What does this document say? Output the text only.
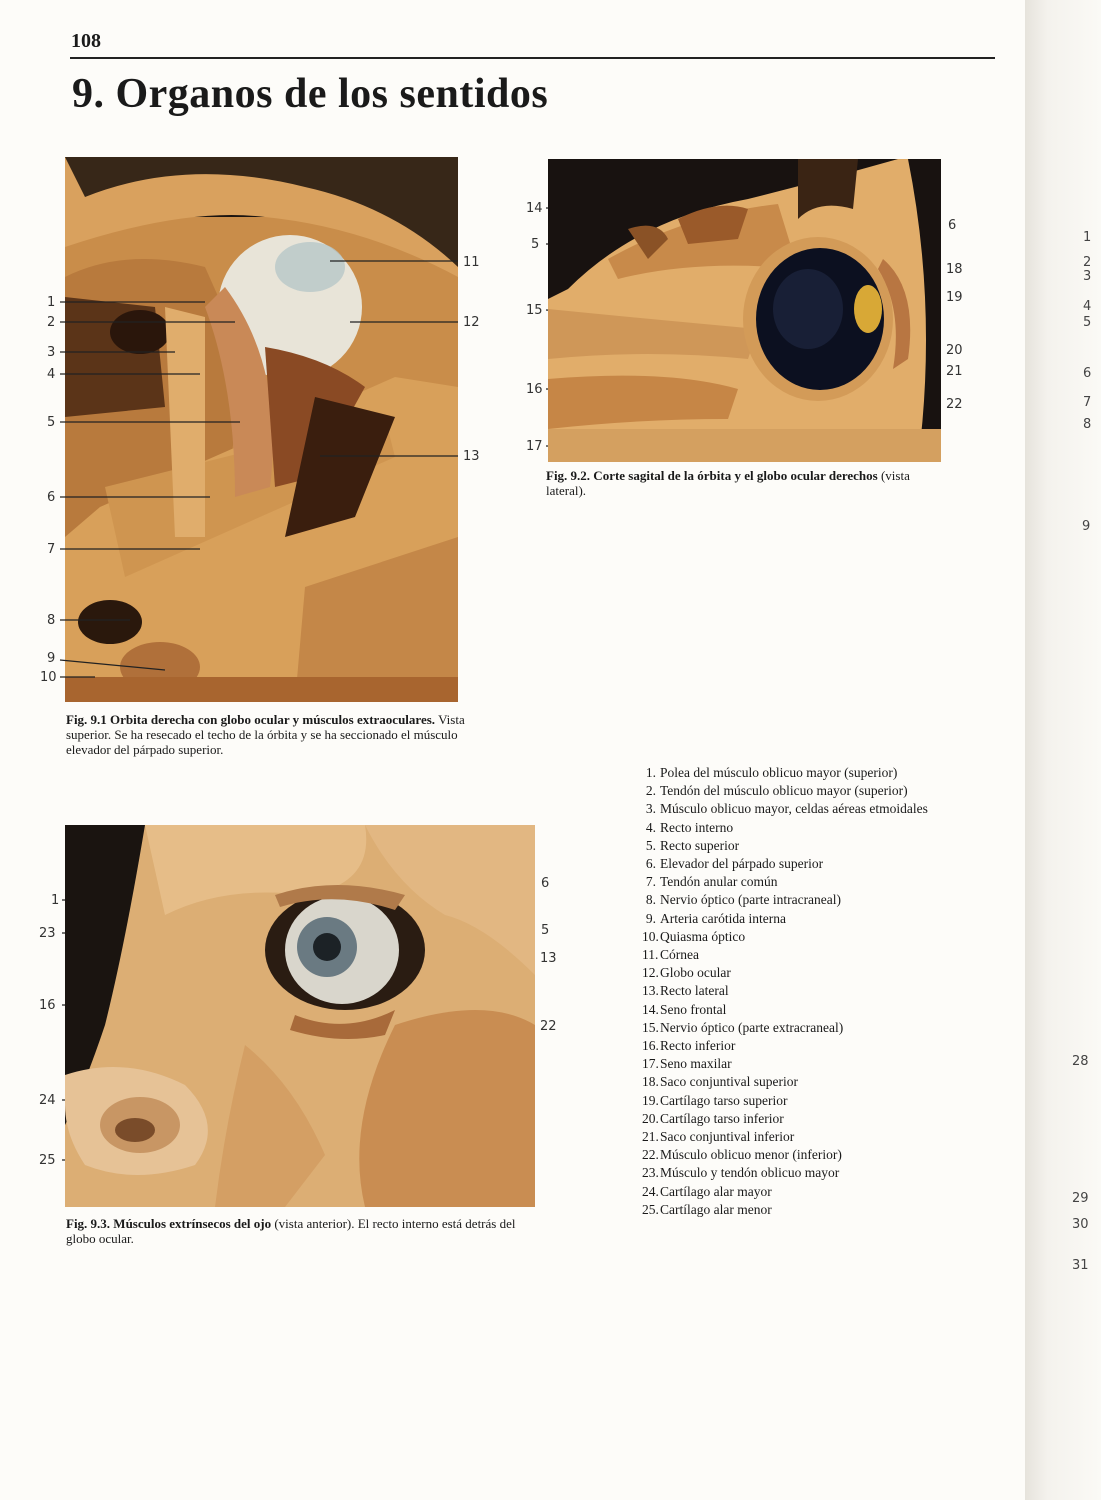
108
9. Organos de los sentidos
1
2
3
4
5
6
7
8
9
10
11
12
13
Fig. 9.1 Orbita derecha con globo ocular y músculos extraoculares. Vista superior. Se ha resecado el techo de la órbita y se ha seccionado el músculo elevador del párpado superior.
14
5
15
16
17
6
18
19
20
21
22
Fig. 9.2. Corte sagital de la órbita y el globo ocular derechos (vista lateral).
1
23
16
24
25
6
5
13
22
Fig. 9.3. Músculos extrínsecos del ojo (vista anterior). El recto interno está detrás del globo ocular.
1. Polea del músculo oblicuo mayor (superior)
2. Tendón del músculo oblicuo mayor (superior)
3. Músculo oblicuo mayor, celdas aéreas etmoidales
4. Recto interno
5. Recto superior
6. Elevador del párpado superior
7. Tendón anular común
8. Nervio óptico (parte intracraneal)
9. Arteria carótida interna
10.Quiasma óptico
11. Córnea
12.Globo ocular
13.Recto lateral
14.Seno frontal
15.Nervio óptico (parte extracraneal)
16.Recto inferior
17.Seno maxilar
18.Saco conjuntival superior
19.Cartílago tarso superior
20.Cartílago tarso inferior
21.Saco conjuntival inferior
22.Músculo oblicuo menor (inferior)
23.Músculo y tendón oblicuo mayor
24.Cartílago alar mayor
25.Cartílago alar menor
1
2
3
4
5
6
7
8
9
28
29
30
31
